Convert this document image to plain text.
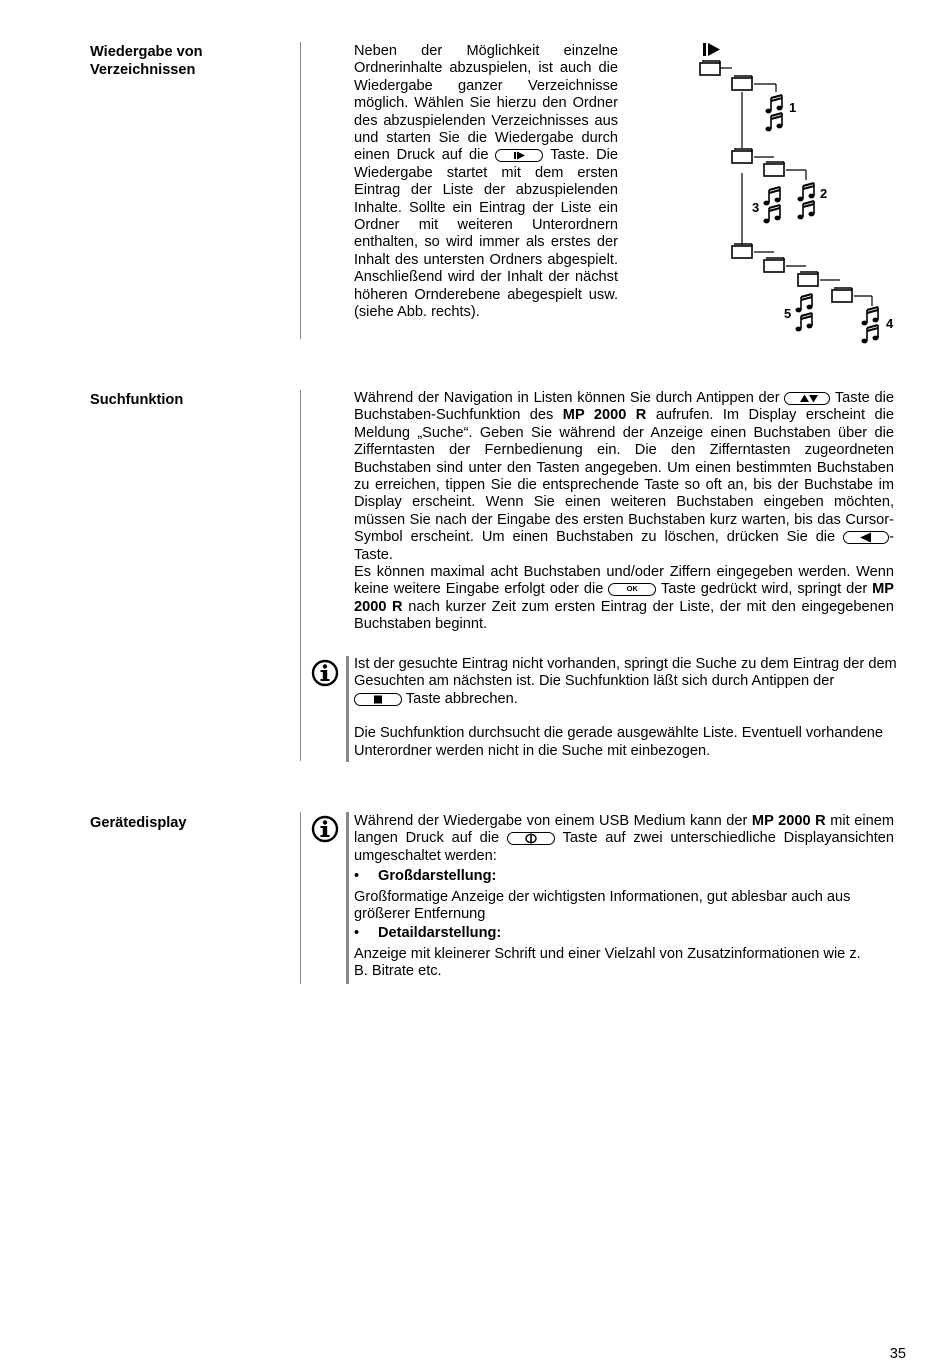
Wiedergabe von
Verzeichnissen
Neben der Möglichkeit einzelne Ordnerinhalte abzuspielen, ist auch die Wiedergabe ganzer Verzeichnisse möglich. Wählen Sie hierzu den Ordner des abzuspielenden Verzeichnisses aus und starten Sie die Wiedergabe durch einen Druck auf die	Taste. Die Wiedergabe startet mit dem ersten Eintrag der Liste der abzuspielenden Inhalte. Sollte ein Eintrag der Liste ein Ordner mit weiteren Unterordnern enthalten, so wird immer als erstes der Inhalt des untersten Ordners abgespielt. Anschließend wird der Inhalt der nächst höheren Ornderebene abegespielt usw. (siehe Abb. rechts).
1
2
3
5
4
Suchfunktion	Während der Navigation in Listen können Sie durch Antippen der	Taste die Buchstaben-Suchfunktion des MP 2000 R aufrufen. Im Display erscheint die Meldung „Suche“. Geben Sie während der Anzeige einen Buchstaben über die Zifferntasten der Fernbedienung ein. Die den Zifferntasten zugeordneten Buchstaben sind unter den Tasten angegeben. Um einen bestimmten Buchstaben zu erreichen, tippen Sie die entsprechende Taste so oft an, bis der Buchstabe im Display erscheint. Wenn Sie einen weiteren Buchstaben eingeben möchten, müssen Sie nach der Eingabe des ersten Buchstaben kurz warten, bis das Cursor-Symbol erscheint. Um einen Buchstaben zu löschen, drücken Sie die	-Taste.
Es können maximal acht Buchstaben und/oder Ziffern eingegeben werden. Wenn keine weitere Eingabe erfolgt oder die	OK	Taste gedrückt wird, springt der MP 2000 R nach kurzer Zeit zum ersten Eintrag der Liste, der mit den eingegebenen Buchstaben beginnt.
Ist der gesuchte Eintrag nicht vorhanden, springt die Suche zu dem Eintrag der dem Gesuchten am nächsten ist. Die Suchfunktion läßt sich durch Antippen der

Taste abbrechen.
Die Suchfunktion durchsucht die gerade ausgewählte Liste. Eventuell vorhandene Unterordner werden nicht in die Suche mit einbezogen.
Gerätedisplay	Während der Wiedergabe von einem USB Medium kann der MP 2000 R mit einem langen Druck auf die	Taste auf zwei unterschiedliche Displayansichten umgeschaltet werden:
•	Großdarstellung:
Großformatige Anzeige der wichtigsten Informationen, gut ablesbar auch aus größerer Entfernung
•	Detaildarstellung:
Anzeige mit kleinerer Schrift und einer Vielzahl von Zusatzinformationen wie z. B. Bitrate etc.
35
